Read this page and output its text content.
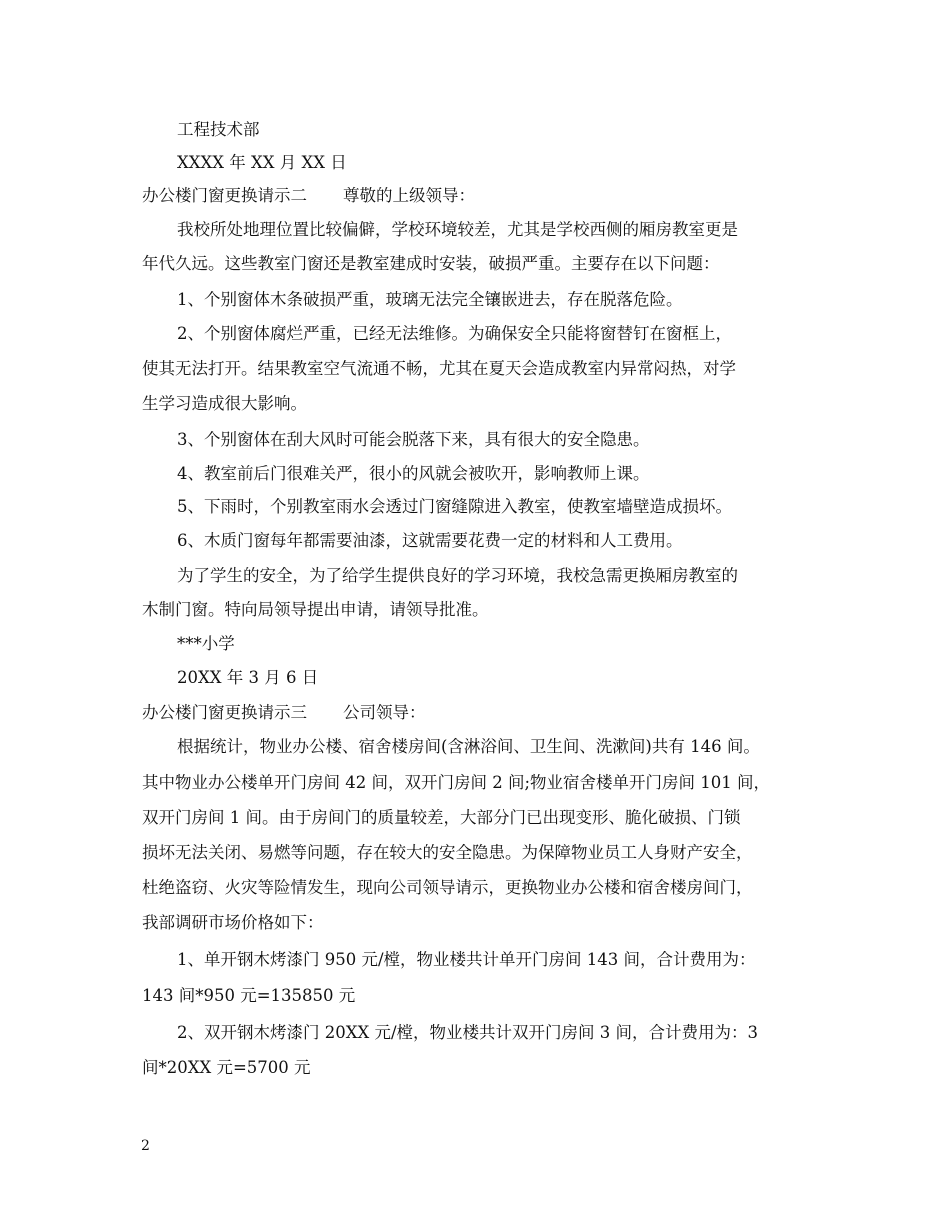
工程技术部
XXXX 年 XX 月 XX 日
办公楼门窗更换请示二 尊敬的上级领导：
我校所处地理位置比较偏僻，学校环境较差，尤其是学校西侧的厢房教室更是
年代久远。这些教室门窗还是教室建成时安装，破损严重。主要存在以下问题：
1、个别窗体木条破损严重，玻璃无法完全镶嵌进去，存在脱落危险。
2、个别窗体腐烂严重，已经无法维修。为确保安全只能将窗替钉在窗框上，
使其无法打开。结果教室空气流通不畅，尤其在夏天会造成教室内异常闷热，对学
生学习造成很大影响。
3、个别窗体在刮大风时可能会脱落下来，具有很大的安全隐患。
4、教室前后门很难关严，很小的风就会被吹开，影响教师上课。
5、下雨时，个别教室雨水会透过门窗缝隙进入教室，使教室墙壁造成损坏。
6、木质门窗每年都需要油漆，这就需要花费一定的材料和人工费用。
为了学生的安全，为了给学生提供良好的学习环境，我校急需更换厢房教室的
木制门窗。特向局领导提出申请，请领导批准。
***小学
20XX 年 3 月 6 日
办公楼门窗更换请示三 公司领导：
根据统计，物业办公楼、宿舍楼房间(含淋浴间、卫生间、洗漱间)共有 146 间。
其中物业办公楼单开门房间 42 间，双开门房间 2 间;物业宿舍楼单开门房间 101 间，
双开门房间 1 间。由于房间门的质量较差，大部分门已出现变形、脆化破损、门锁
损坏无法关闭、易燃等问题，存在较大的安全隐患。为保障物业员工人身财产安全，
杜绝盗窃、火灾等险情发生，现向公司领导请示，更换物业办公楼和宿舍楼房间门，
我部调研市场价格如下：
1、单开钢木烤漆门 950 元/樘，物业楼共计单开门房间 143 间，合计费用为：
143 间*950 元=135850 元
2、双开钢木烤漆门 20XX 元/樘，物业楼共计双开门房间 3 间，合计费用为：3
间*20XX 元=5700 元
2
